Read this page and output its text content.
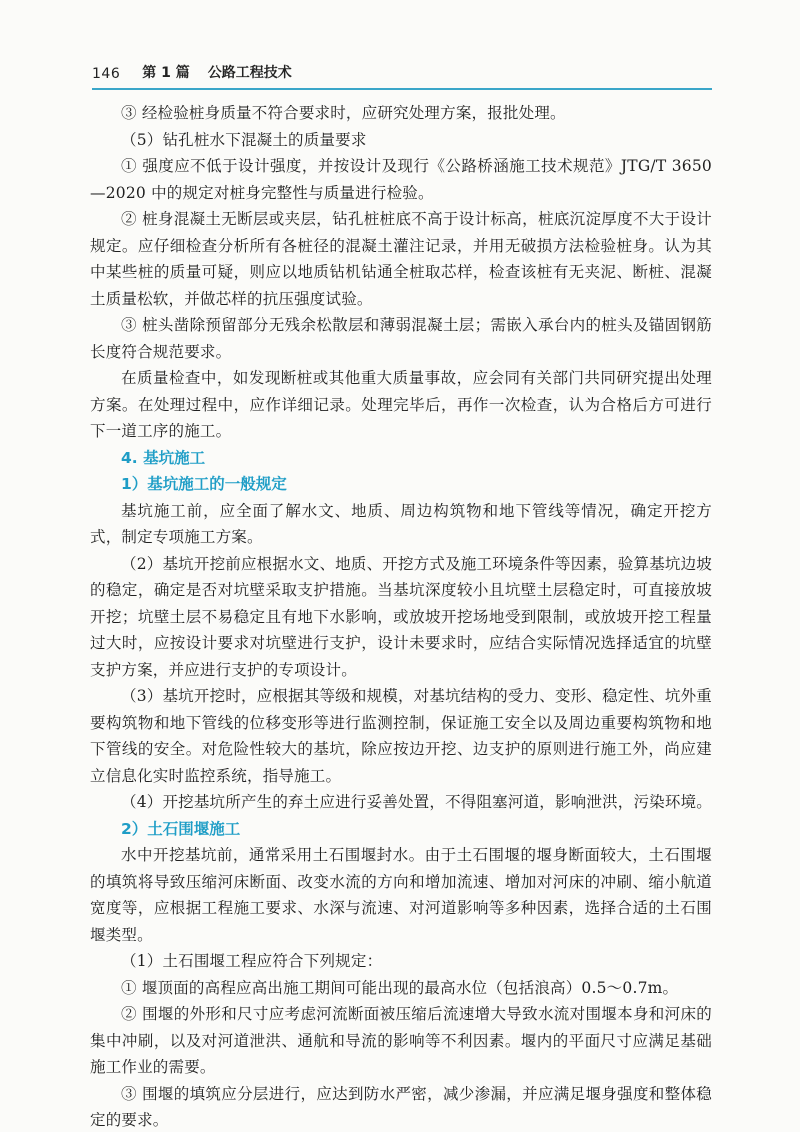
146 第 1 篇 公路工程技术

③ 经检验桩身质量不符合要求时，应研究处理方案，报批处理。

（5）钻孔桩水下混凝土的质量要求

① 强度应不低于设计强度，并按设计及现行《公路桥涵施工技术规范》JTG/T 3650—2020 中的规定对桩身完整性与质量进行检验。

② 桩身混凝土无断层或夹层，钻孔桩桩底不高于设计标高，桩底沉淀厚度不大于设计规定。应仔细检查分析所有各桩径的混凝土灌注记录，并用无破损方法检验桩身。认为其中某些桩的质量可疑，则应以地质钻机钻通全桩取芯样，检查该桩有无夹泥、断桩、混凝土质量松软，并做芯样的抗压强度试验。

③ 桩头凿除预留部分无残余松散层和薄弱混凝土层；需嵌入承台内的桩头及锚固钢筋长度符合规范要求。

在质量检查中，如发现断桩或其他重大质量事故，应会同有关部门共同研究提出处理方案。在处理过程中，应作详细记录。处理完毕后，再作一次检查，认为合格后方可进行下一道工序的施工。

4. 基坑施工

1）基坑施工的一般规定

基坑施工前，应全面了解水文、地质、周边构筑物和地下管线等情况，确定开挖方式，制定专项施工方案。

（2）基坑开挖前应根据水文、地质、开挖方式及施工环境条件等因素，验算基坑边坡的稳定，确定是否对坑壁采取支护措施。当基坑深度较小且坑壁土层稳定时，可直接放坡开挖；坑壁土层不易稳定且有地下水影响，或放坡开挖场地受到限制，或放坡开挖工程量过大时，应按设计要求对坑壁进行支护，设计未要求时，应结合实际情况选择适宜的坑壁支护方案，并应进行支护的专项设计。

（3）基坑开挖时，应根据其等级和规模，对基坑结构的受力、变形、稳定性、坑外重要构筑物和地下管线的位移变形等进行监测控制，保证施工安全以及周边重要构筑物和地下管线的安全。对危险性较大的基坑，除应按边开挖、边支护的原则进行施工外，尚应建立信息化实时监控系统，指导施工。

（4）开挖基坑所产生的弃土应进行妥善处置，不得阻塞河道，影响泄洪，污染环境。

2）土石围堰施工

水中开挖基坑前，通常采用土石围堰封水。由于土石围堰的堰身断面较大，土石围堰的填筑将导致压缩河床断面、改变水流的方向和增加流速、增加对河床的冲刷、缩小航道宽度等，应根据工程施工要求、水深与流速、对河道影响等多种因素，选择合适的土石围堰类型。

（1）土石围堰工程应符合下列规定：

① 堰顶面的高程应高出施工期间可能出现的最高水位（包括浪高）0.5～0.7m。

② 围堰的外形和尺寸应考虑河流断面被压缩后流速增大导致水流对围堰本身和河床的集中冲刷，以及对河道泄洪、通航和导流的影响等不利因素。堰内的平面尺寸应满足基础施工作业的需要。

③ 围堰的填筑应分层进行，应达到防水严密，减少渗漏，并应满足堰身强度和整体稳定的要求。
